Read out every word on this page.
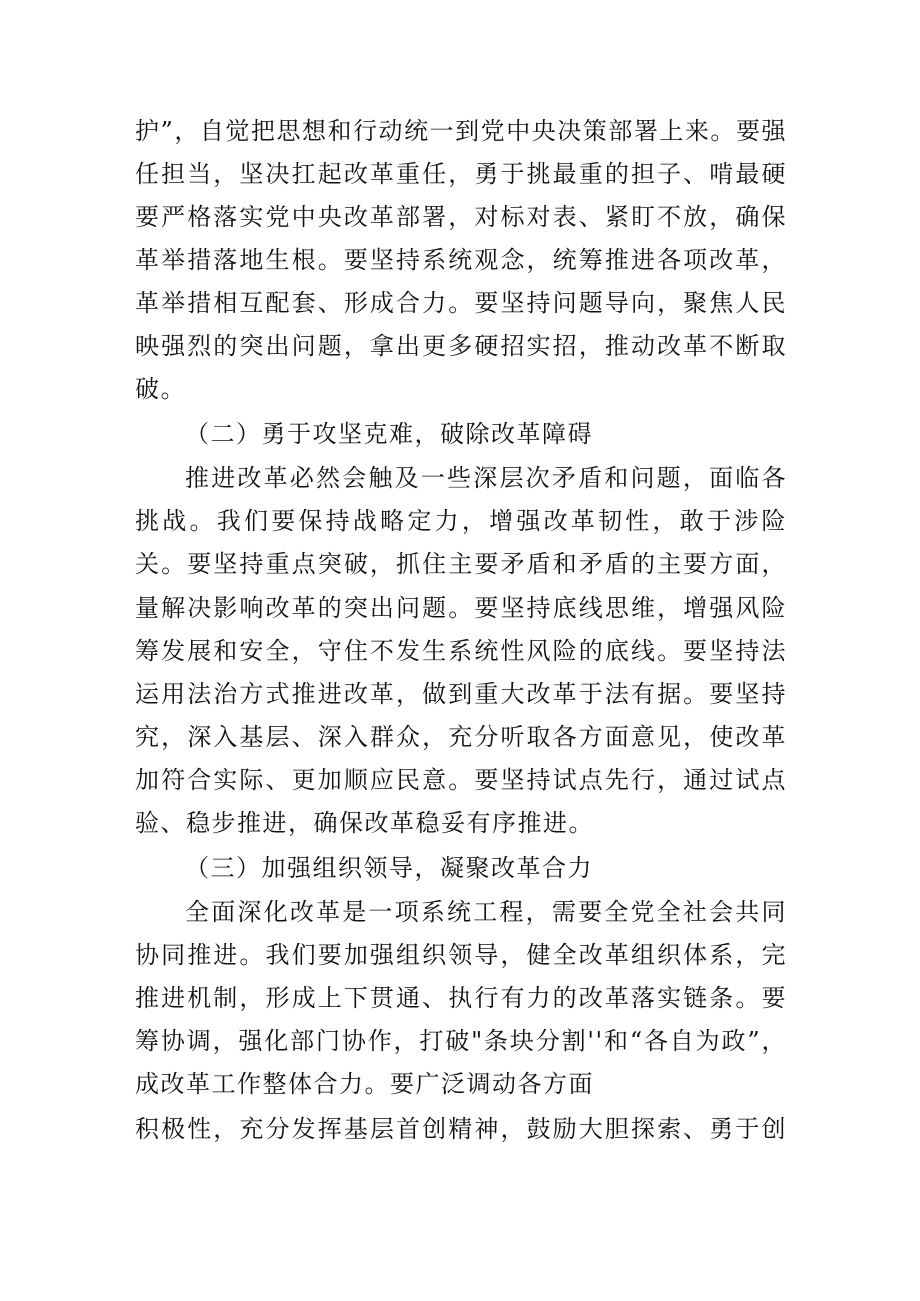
护”，自觉把思想和行动统一到党中央决策部署上来。要强
任担当，坚决扛起改革重任，勇于挑最重的担子、啃最硬
要严格落实党中央改革部署，对标对表、紧盯不放，确保
革举措落地生根。要坚持系统观念，统筹推进各项改革，
革举措相互配套、形成合力。要坚持问题导向，聚焦人民
映强烈的突出问题，拿出更多硬招实招，推动改革不断取
破。
（二）勇于攻坚克难，破除改革障碍
推进改革必然会触及一些深层次矛盾和问题，面临各
挑战。我们要保持战略定力，增强改革韧性，敢于涉险
关。要坚持重点突破，抓住主要矛盾和矛盾的主要方面，
量解决影响改革的突出问题。要坚持底线思维，增强风险
筹发展和安全，守住不发生系统性风险的底线。要坚持法
运用法治方式推进改革，做到重大改革于法有据。要坚持
究，深入基层、深入群众，充分听取各方面意见，使改革
加符合实际、更加顺应民意。要坚持试点先行，通过试点
验、稳步推进，确保改革稳妥有序推进。
（三）加强组织领导，凝聚改革合力
全面深化改革是一项系统工程，需要全党全社会共同
协同推进。我们要加强组织领导，健全改革组织体系，完
推进机制，形成上下贯通、执行有力的改革落实链条。要
筹协调，强化部门协作，打破"条块分割''和“各自为政”，
成改革工作整体合力。要广泛调动各方面
积极性，充分发挥基层首创精神，鼓励大胆探索、勇于创
